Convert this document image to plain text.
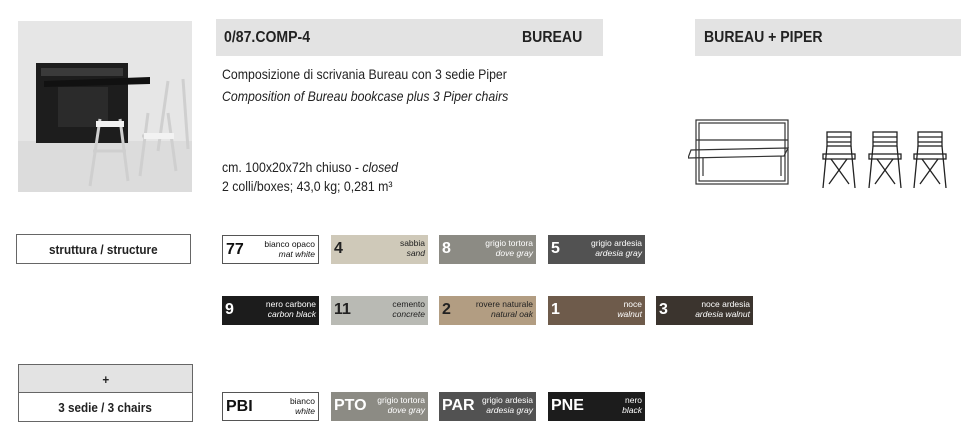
0/87.COMP-4	BUREAU	BUREAU + PIPER
Composizione di scrivania Bureau con 3 sedie Piper
Composition of Bureau bookcase plus 3 Piper chairs
cm. 100x20x72h chiuso - closed
2 colli/boxes; 43,0 kg; 0,281 m³
struttura / structure	77 bianco opaco
mat white 4	sabbia
sand 8	grigio tortora
dove gray 5	grigio ardesia
ardesia gray
9	nero carbone
carbon black 11	cemento
concrete 2	rovere naturale
natural oak 1	noce
walnut 3	noce ardesia
ardesia walnut
+
3 sedie / 3 chairs	PBI	bianco
white PTO grigio tortora
dove gray PAR grigio ardesia
ardesia gray PNE	nero
black
